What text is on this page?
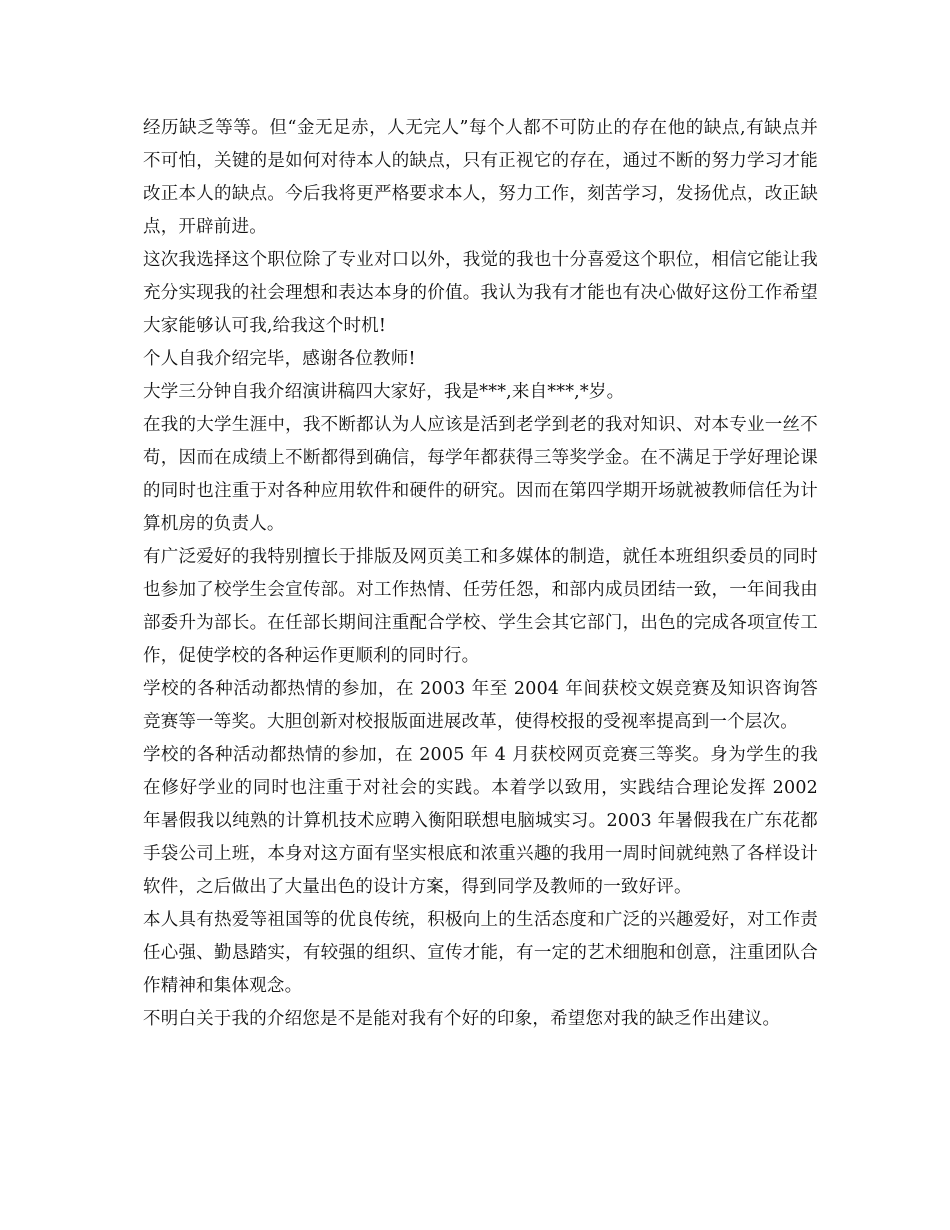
经历缺乏等等。但“金无足赤，人无完人”每个人都不可防止的存在他的缺点,有缺点并不可怕，关键的是如何对待本人的缺点，只有正视它的存在，通过不断的努力学习才能改正本人的缺点。今后我将更严格要求本人，努力工作，刻苦学习，发扬优点，改正缺点，开辟前进。

这次我选择这个职位除了专业对口以外，我觉的我也十分喜爱这个职位，相信它能让我充分实现我的社会理想和表达本身的价值。我认为我有才能也有决心做好这份工作希望大家能够认可我,给我这个时机!

个人自我介绍完毕，感谢各位教师!

大学三分钟自我介绍演讲稿四大家好，我是***,来自***,*岁。

在我的大学生涯中，我不断都认为人应该是活到老学到老的我对知识、对本专业一丝不苟，因而在成绩上不断都得到确信，每学年都获得三等奖学金。在不满足于学好理论课的同时也注重于对各种应用软件和硬件的研究。因而在第四学期开场就被教师信任为计算机房的负责人。

有广泛爱好的我特别擅长于排版及网页美工和多媒体的制造，就任本班组织委员的同时也参加了校学生会宣传部。对工作热情、任劳任怨，和部内成员团结一致，一年间我由部委升为部长。在任部长期间注重配合学校、学生会其它部门，出色的完成各项宣传工作，促使学校的各种运作更顺利的同时行。

学校的各种活动都热情的参加，在 2003 年至 2004 年间获校文娱竞赛及知识咨询答竞赛等一等奖。大胆创新对校报版面进展改革，使得校报的受视率提高到一个层次。

学校的各种活动都热情的参加，在 2005 年 4 月获校网页竞赛三等奖。身为学生的我在修好学业的同时也注重于对社会的实践。本着学以致用，实践结合理论发挥 2002 年暑假我以纯熟的计算机技术应聘入衡阳联想电脑城实习。2003 年暑假我在广东花都手袋公司上班，本身对这方面有坚实根底和浓重兴趣的我用一周时间就纯熟了各样设计软件，之后做出了大量出色的设计方案，得到同学及教师的一致好评。

本人具有热爱等祖国等的优良传统，积极向上的生活态度和广泛的兴趣爱好，对工作责任心强、勤恳踏实，有较强的组织、宣传才能，有一定的艺术细胞和创意，注重团队合作精神和集体观念。

不明白关于我的介绍您是不是能对我有个好的印象，希望您对我的缺乏作出建议。
